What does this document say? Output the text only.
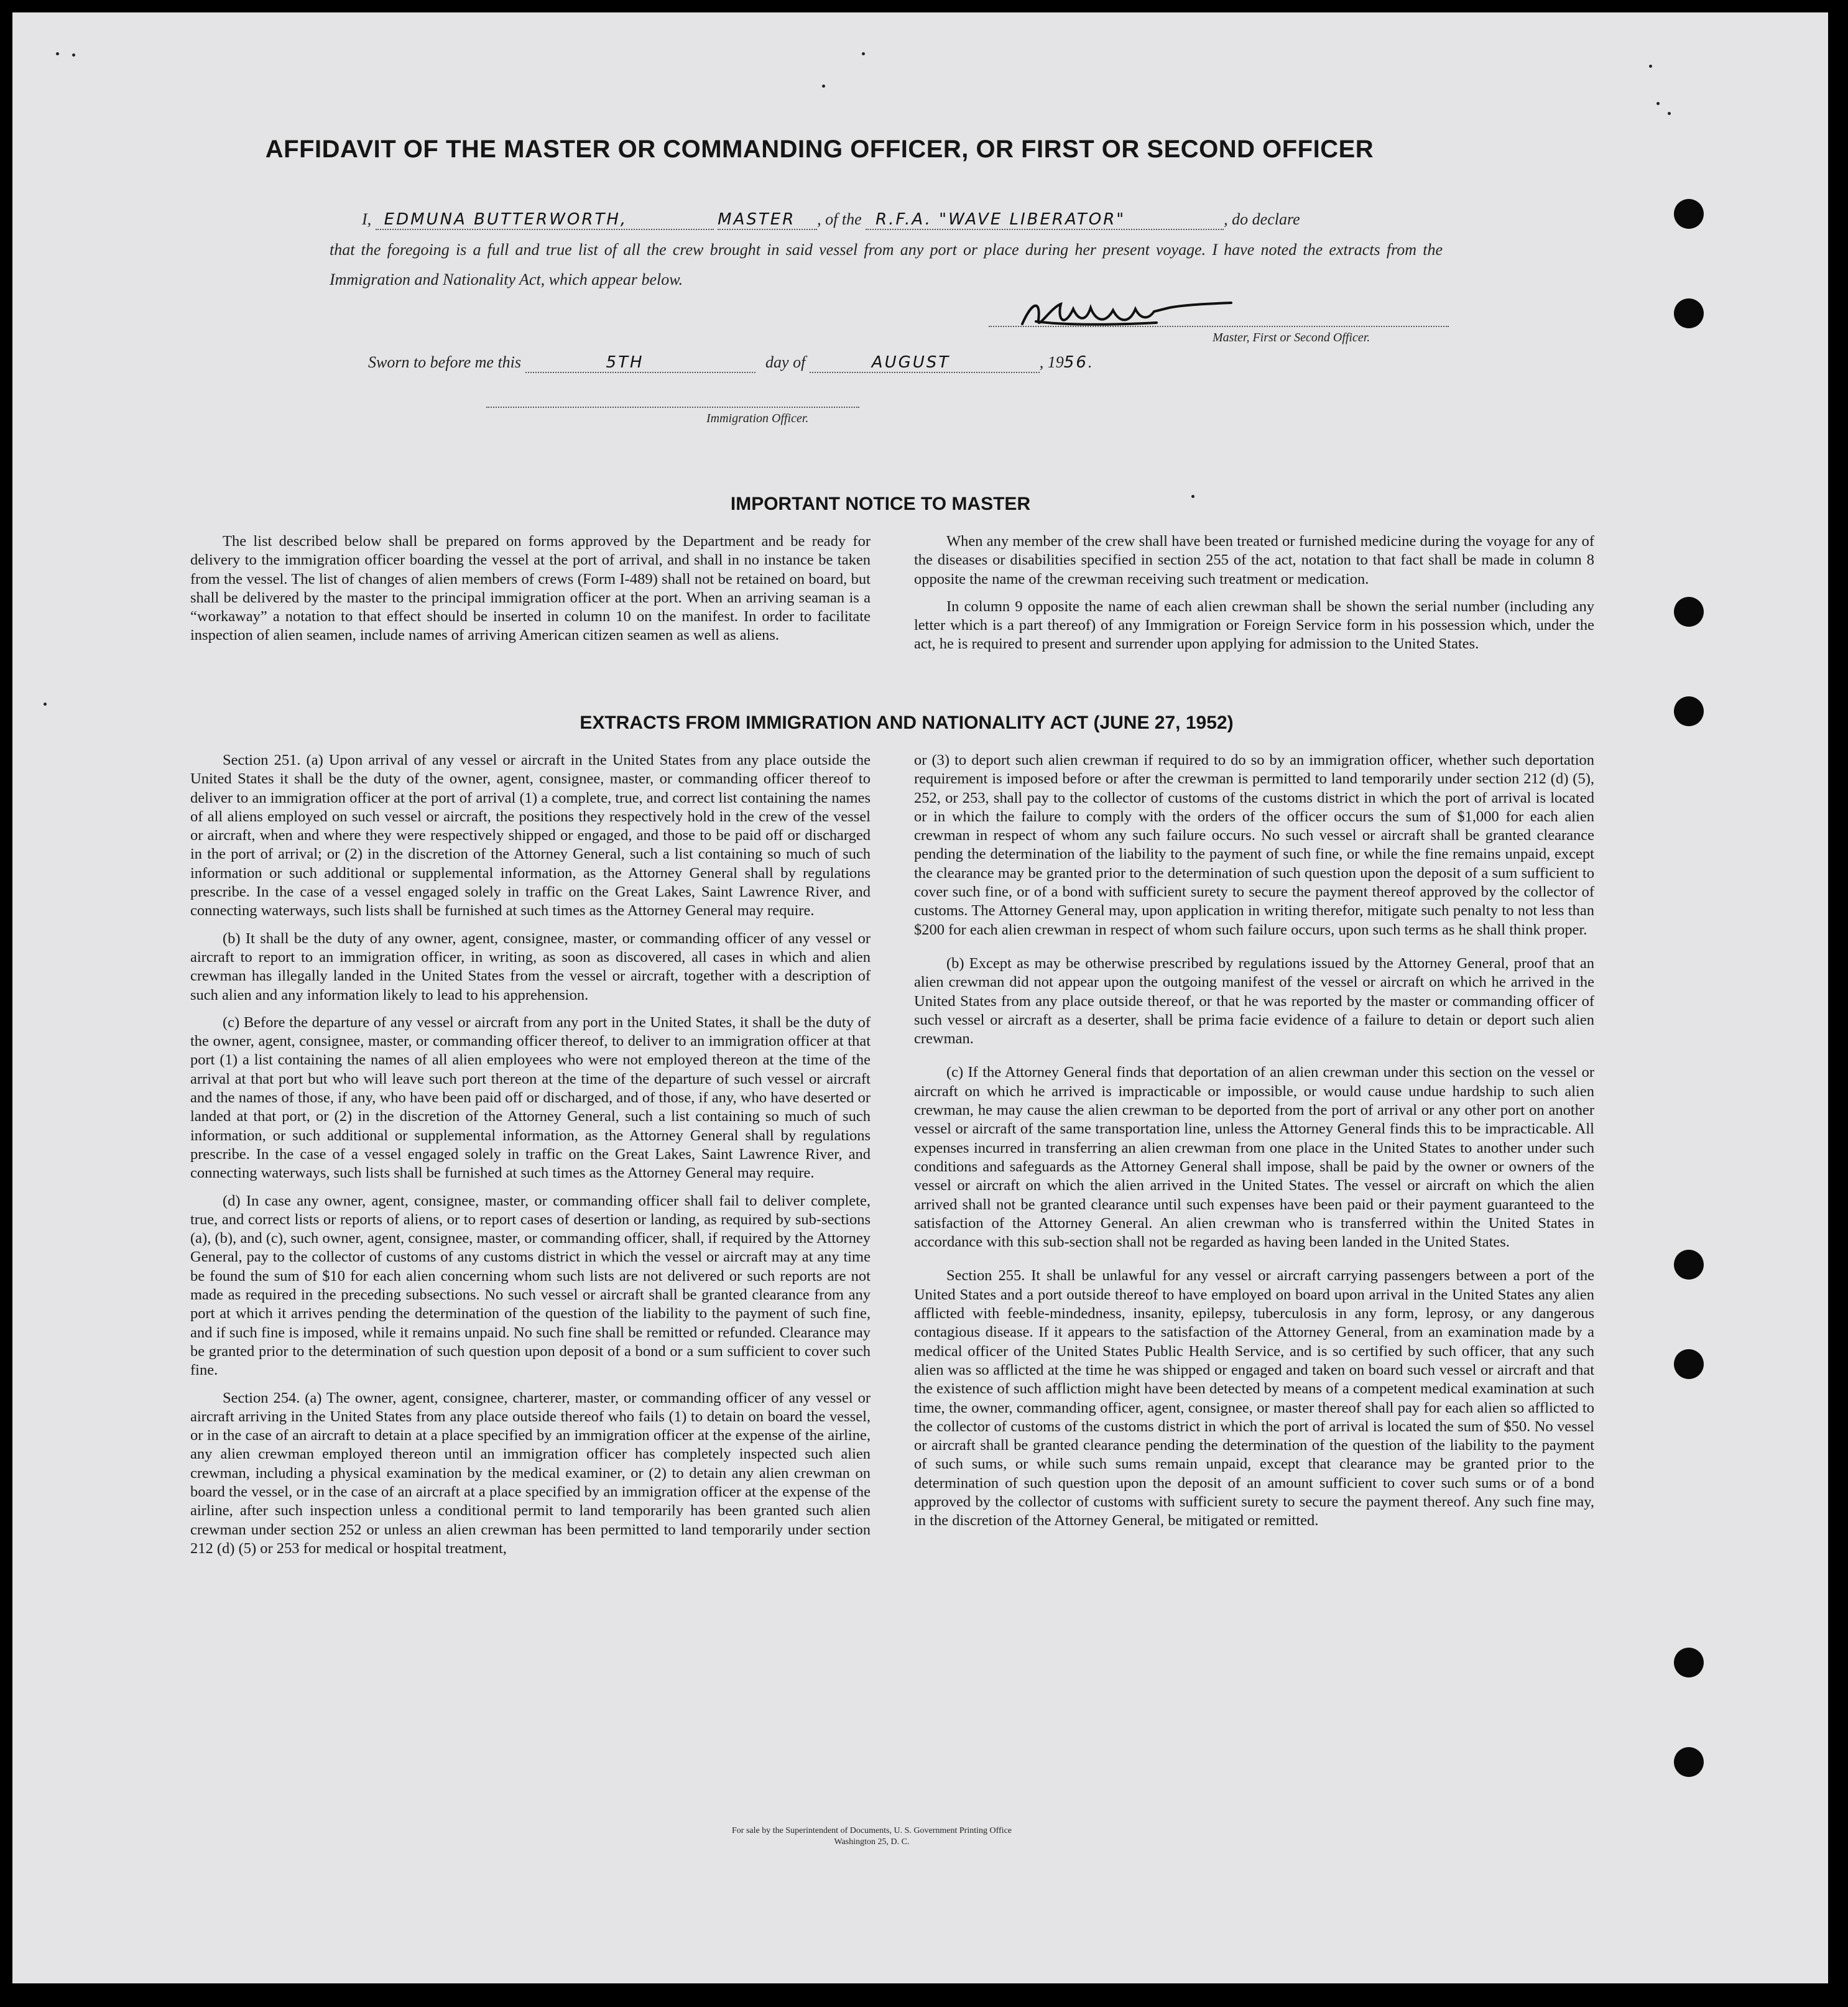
AFFIDAVIT OF THE MASTER OR COMMANDING OFFICER, OR FIRST OR SECOND OFFICER
I, EDMUNA BUTTERWORTH,	MASTER , of the R.F.A. "WAVE LIBERATOR"	, do declare
that the foregoing is a full and true list of all the crew brought in said vessel from any port or place during her present voyage. I have noted the extracts from the Immigration and Nationality Act, which appear below.
Master, First or Second Officer.
Sworn to before me this	5TH	day of	AUGUST	, 1956.
Immigration Officer.
IMPORTANT NOTICE TO MASTER

The list described below shall be prepared on forms approved by the Department and be ready for delivery to the immigration officer boarding the vessel at the port of arrival, and shall in no instance be taken from the vessel. The list of changes of alien members of crews (Form I-489) shall not be retained on board, but shall be delivered by the master to the principal immigration officer at the port. When an arriving seaman is a “workaway” a notation to that effect should be inserted in column 10 on the manifest. In order to facilitate inspection of alien seamen, include names of arriving American citizen seamen as well as aliens.

When any member of the crew shall have been treated or furnished medicine during the voyage for any of the diseases or disabilities specified in section 255 of the act, notation to that fact shall be made in column 8 opposite the name of the crewman receiving such treatment or medication.

In column 9 opposite the name of each alien crewman shall be shown the serial number (including any letter which is a part thereof) of any Immigration or Foreign Service form in his possession which, under the act, he is required to present and surrender upon applying for admission to the United States.

EXTRACTS FROM IMMIGRATION AND NATIONALITY ACT (JUNE 27, 1952)

Section 251. (a) Upon arrival of any vessel or aircraft in the United States from any place outside the United States it shall be the duty of the owner, agent, consignee, master, or commanding officer thereof to deliver to an immigration officer at the port of arrival (1) a complete, true, and correct list containing the names of all aliens employed on such vessel or aircraft, the positions they respectively hold in the crew of the vessel or aircraft, when and where they were respectively shipped or engaged, and those to be paid off or discharged in the port of arrival; or (2) in the discretion of the Attorney General, such a list containing so much of such information or such additional or supplemental information, as the Attorney General shall by regulations prescribe. In the case of a vessel engaged solely in traffic on the Great Lakes, Saint Lawrence River, and connecting waterways, such lists shall be furnished at such times as the Attorney General may require.

(b) It shall be the duty of any owner, agent, consignee, master, or commanding officer of any vessel or aircraft to report to an immigration officer, in writing, as soon as discovered, all cases in which and alien crewman has illegally landed in the United States from the vessel or aircraft, together with a description of such alien and any information likely to lead to his apprehension.

(c) Before the departure of any vessel or aircraft from any port in the United States, it shall be the duty of the owner, agent, consignee, master, or commanding officer thereof, to deliver to an immigration officer at that port (1) a list containing the names of all alien employees who were not employed thereon at the time of the arrival at that port but who will leave such port thereon at the time of the departure of such vessel or aircraft and the names of those, if any, who have been paid off or discharged, and of those, if any, who have deserted or landed at that port, or (2) in the discretion of the Attorney General, such a list containing so much of such information, or such additional or supplemental information, as the Attorney General shall by regulations prescribe. In the case of a vessel engaged solely in traffic on the Great Lakes, Saint Lawrence River, and connecting waterways, such lists shall be furnished at such times as the Attorney General may require.

(d) In case any owner, agent, consignee, master, or commanding officer shall fail to deliver complete, true, and correct lists or reports of aliens, or to report cases of desertion or landing, as required by sub-sections (a), (b), and (c), such owner, agent, consignee, master, or commanding officer, shall, if required by the Attorney General, pay to the collector of customs of any customs district in which the vessel or aircraft may at any time be found the sum of $10 for each alien concerning whom such lists are not delivered or such reports are not made as required in the preceding subsections. No such vessel or aircraft shall be granted clearance from any port at which it arrives pending the determination of the question of the liability to the payment of such fine, and if such fine is imposed, while it remains unpaid. No such fine shall be remitted or refunded. Clearance may be granted prior to the determination of such question upon deposit of a bond or a sum sufficient to cover such fine.

Section 254. (a) The owner, agent, consignee, charterer, master, or commanding officer of any vessel or aircraft arriving in the United States from any place outside thereof who fails (1) to detain on board the vessel, or in the case of an aircraft to detain at a place specified by an immigration officer at the expense of the airline, any alien crewman employed thereon until an immigration officer has completely inspected such alien crewman, including a physical examination by the medical examiner, or (2) to detain any alien crewman on board the vessel, or in the case of an aircraft at a place specified by an immigration officer at the expense of the airline, after such inspection unless a conditional permit to land temporarily has been granted such alien crewman under section 252 or unless an alien crewman has been permitted to land temporarily under section 212 (d) (5) or 253 for medical or hospital treatment,

or (3) to deport such alien crewman if required to do so by an immigration officer, whether such deportation requirement is imposed before or after the crewman is permitted to land temporarily under section 212 (d) (5), 252, or 253, shall pay to the collector of customs of the customs district in which the port of arrival is located or in which the failure to comply with the orders of the officer occurs the sum of $1,000 for each alien crewman in respect of whom any such failure occurs. No such vessel or aircraft shall be granted clearance pending the determination of the liability to the payment of such fine, or while the fine remains unpaid, except the clearance may be granted prior to the determination of such question upon the deposit of a sum sufficient to cover such fine, or of a bond with sufficient surety to secure the payment thereof approved by the collector of customs. The Attorney General may, upon application in writing therefor, mitigate such penalty to not less than $200 for each alien crewman in respect of whom such failure occurs, upon such terms as he shall think proper.

(b) Except as may be otherwise prescribed by regulations issued by the Attorney General, proof that an alien crewman did not appear upon the outgoing manifest of the vessel or aircraft on which he arrived in the United States from any place outside thereof, or that he was reported by the master or commanding officer of such vessel or aircraft as a deserter, shall be prima facie evidence of a failure to detain or deport such alien crewman.

(c) If the Attorney General finds that deportation of an alien crewman under this section on the vessel or aircraft on which he arrived is impracticable or impossible, or would cause undue hardship to such alien crewman, he may cause the alien crewman to be deported from the port of arrival or any other port on another vessel or aircraft of the same transportation line, unless the Attorney General finds this to be impracticable. All expenses incurred in transferring an alien crewman from one place in the United States to another under such conditions and safeguards as the Attorney General shall impose, shall be paid by the owner or owners of the vessel or aircraft on which the alien arrived in the United States. The vessel or aircraft on which the alien arrived shall not be granted clearance until such expenses have been paid or their payment guaranteed to the satisfaction of the Attorney General. An alien crewman who is transferred within the United States in accordance with this sub-section shall not be regarded as having been landed in the United States.

Section 255. It shall be unlawful for any vessel or aircraft carrying passengers between a port of the United States and a port outside thereof to have employed on board upon arrival in the United States any alien afflicted with feeble-mindedness, insanity, epilepsy, tuberculosis in any form, leprosy, or any dangerous contagious disease. If it appears to the satisfaction of the Attorney General, from an examination made by a medical officer of the United States Public Health Service, and is so certified by such officer, that any such alien was so afflicted at the time he was shipped or engaged and taken on board such vessel or aircraft and that the existence of such affliction might have been detected by means of a competent medical examination at such time, the owner, commanding officer, agent, consignee, or master thereof shall pay for each alien so afflicted to the collector of customs of the customs district in which the port of arrival is located the sum of $50. No vessel or aircraft shall be granted clearance pending the determination of the question of the liability to the payment of such sums, or while such sums remain unpaid, except that clearance may be granted prior to the determination of such question upon the deposit of an amount sufficient to cover such sums or of a bond approved by the collector of customs with sufficient surety to secure the payment thereof. Any such fine may, in the discretion of the Attorney General, be mitigated or remitted.

For sale by the Superintendent of Documents, U. S. Government Printing Office
Washington 25, D. C.
